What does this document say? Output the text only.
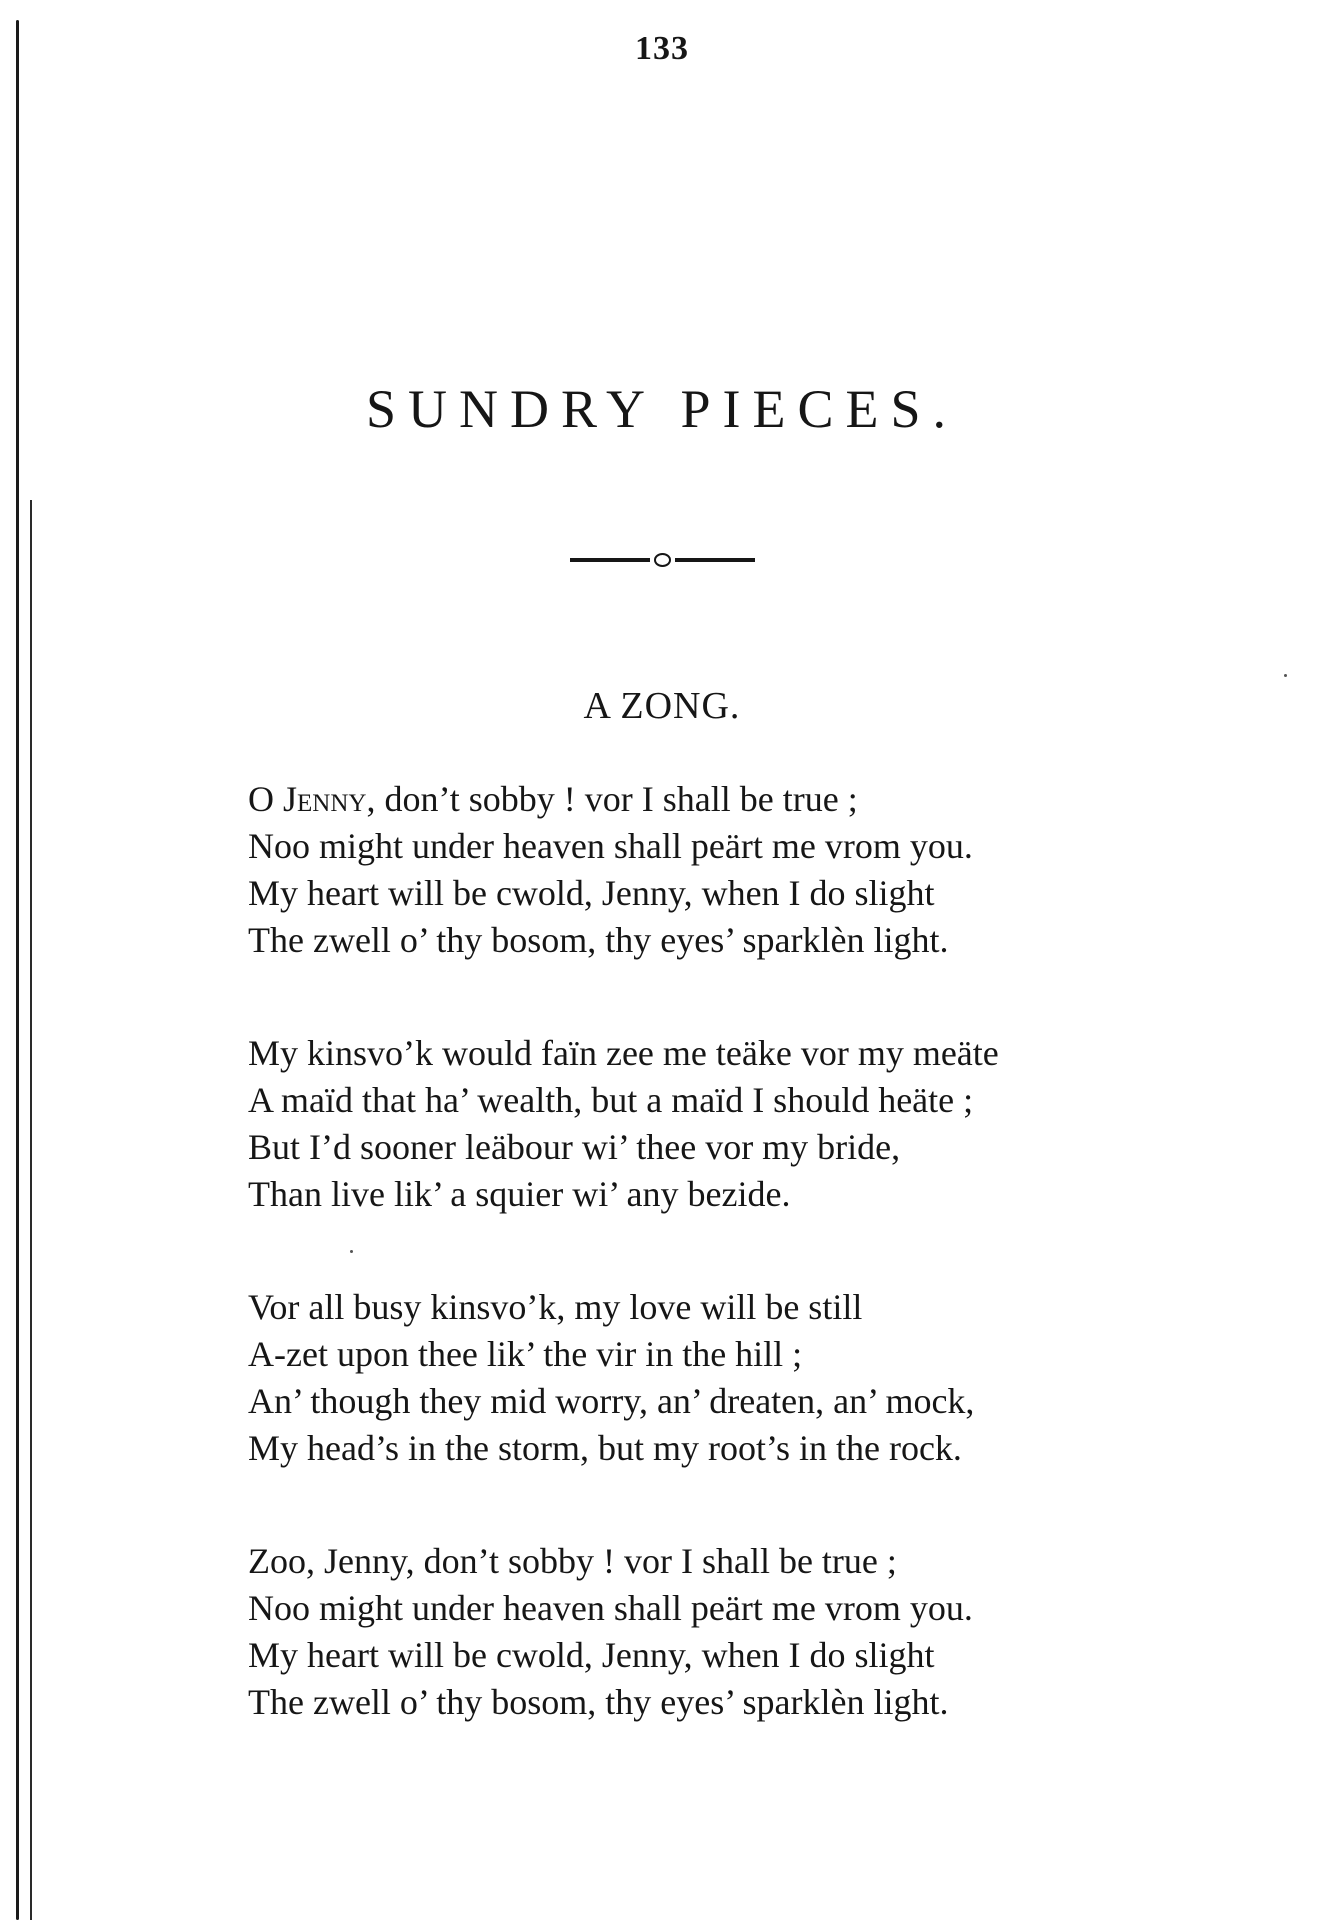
133
SUNDRY PIECES.
A ZONG.
O Jenny, don’t sobby ! vor I shall be true ;
Noo might under heaven shall peärt me vrom you.
My heart will be cwold, Jenny, when I do slight
The zwell o’ thy bosom, thy eyes’ sparklèn light.
My kinsvo’k would faïn zee me teäke vor my meäte
A maïd that ha’ wealth, but a maïd I should heäte ;
But I’d sooner leäbour wi’ thee vor my bride,
Than live lik’ a squier wi’ any bezide.
Vor all busy kinsvo’k, my love will be still
A-zet upon thee lik’ the vir in the hill ;
An’ though they mid worry, an’ dreaten, an’ mock,
My head’s in the storm, but my root’s in the rock.
Zoo, Jenny, don’t sobby ! vor I shall be true ;
Noo might under heaven shall peärt me vrom you.
My heart will be cwold, Jenny, when I do slight
The zwell o’ thy bosom, thy eyes’ sparklèn light.
